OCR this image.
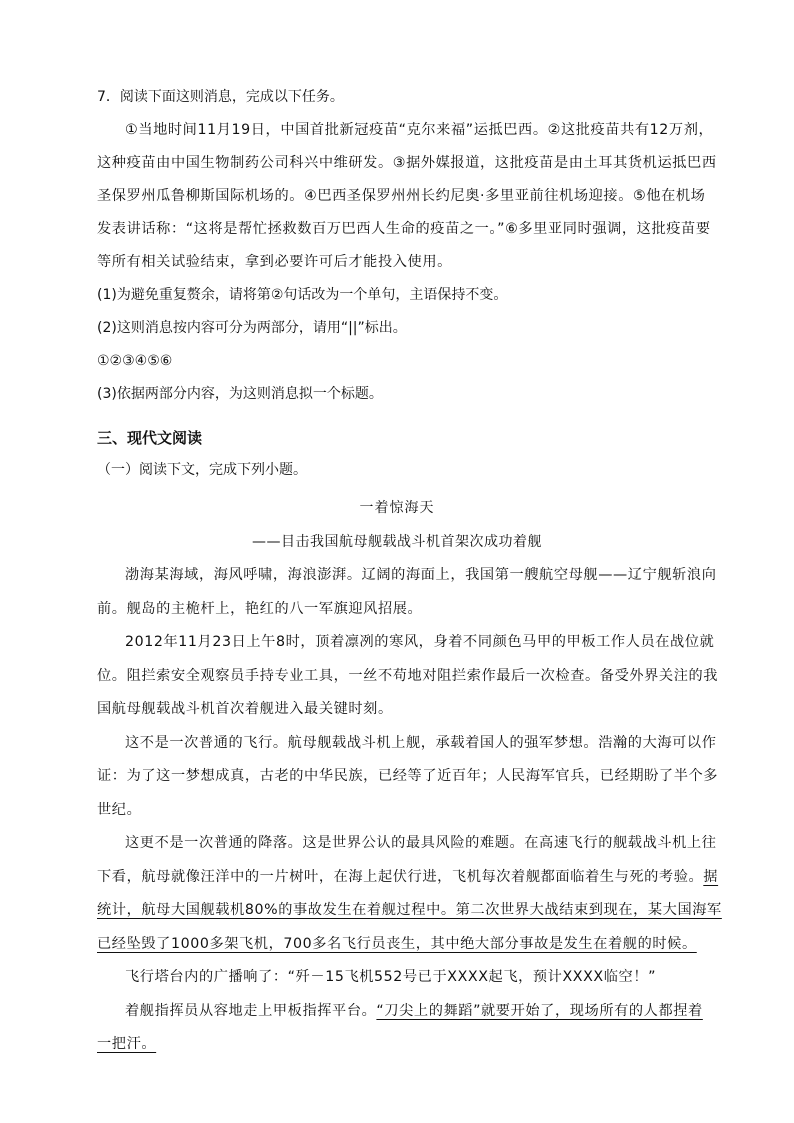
7．阅读下面这则消息，完成以下任务。
①当地时间11月19日，中国首批新冠疫苗“克尔来福”运抵巴西。②这批疫苗共有12万剂，
这种疫苗由中国生物制药公司科兴中维研发。③据外媒报道，这批疫苗是由土耳其货机运抵巴西
圣保罗州瓜鲁柳斯国际机场的。④巴西圣保罗州州长约尼奥·多里亚前往机场迎接。⑤他在机场
发表讲话称：“这将是帮忙拯救数百万巴西人生命的疫苗之一。”⑥多里亚同时强调，这批疫苗要
等所有相关试验结束，拿到必要许可后才能投入使用。
(1)为避免重复赘余，请将第②句话改为一个单句，主语保持不变。
(2)这则消息按内容可分为两部分，请用“||”标出。
①②③④⑤⑥
(3)依据两部分内容，为这则消息拟一个标题。
三、现代文阅读
（一）阅读下文，完成下列小题。
一着惊海天
——目击我国航母舰载战斗机首架次成功着舰
渤海某海域，海风呼啸，海浪澎湃。辽阔的海面上，我国第一艘航空母舰——辽宁舰斩浪向
前。舰岛的主桅杆上，艳红的八一军旗迎风招展。
2012年11月23日上午8时，顶着凛冽的寒风，身着不同颜色马甲的甲板工作人员在战位就
位。阻拦索安全观察员手持专业工具，一丝不苟地对阻拦索作最后一次检查。备受外界关注的我
国航母舰载战斗机首次着舰进入最关键时刻。
这不是一次普通的飞行。航母舰载战斗机上舰，承载着国人的强军梦想。浩瀚的大海可以作
证：为了这一梦想成真，古老的中华民族，已经等了近百年；人民海军官兵，已经期盼了半个多
世纪。
这更不是一次普通的降落。这是世界公认的最具风险的难题。在高速飞行的舰载战斗机上往
下看，航母就像汪洋中的一片树叶，在海上起伏行进，飞机每次着舰都面临着生与死的考验。据
统计，航母大国舰载机80%的事故发生在着舰过程中。第二次世界大战结束到现在，某大国海军
已经坠毁了1000多架飞机，700多名飞行员丧生，其中绝大部分事故是发生在着舰的时候。
飞行塔台内的广播响了：“歼－15飞机552号已于XXXX起飞，预计XXXX临空！”
着舰指挥员从容地走上甲板指挥平台。“刀尖上的舞蹈”就要开始了，现场所有的人都捏着
一把汗。
